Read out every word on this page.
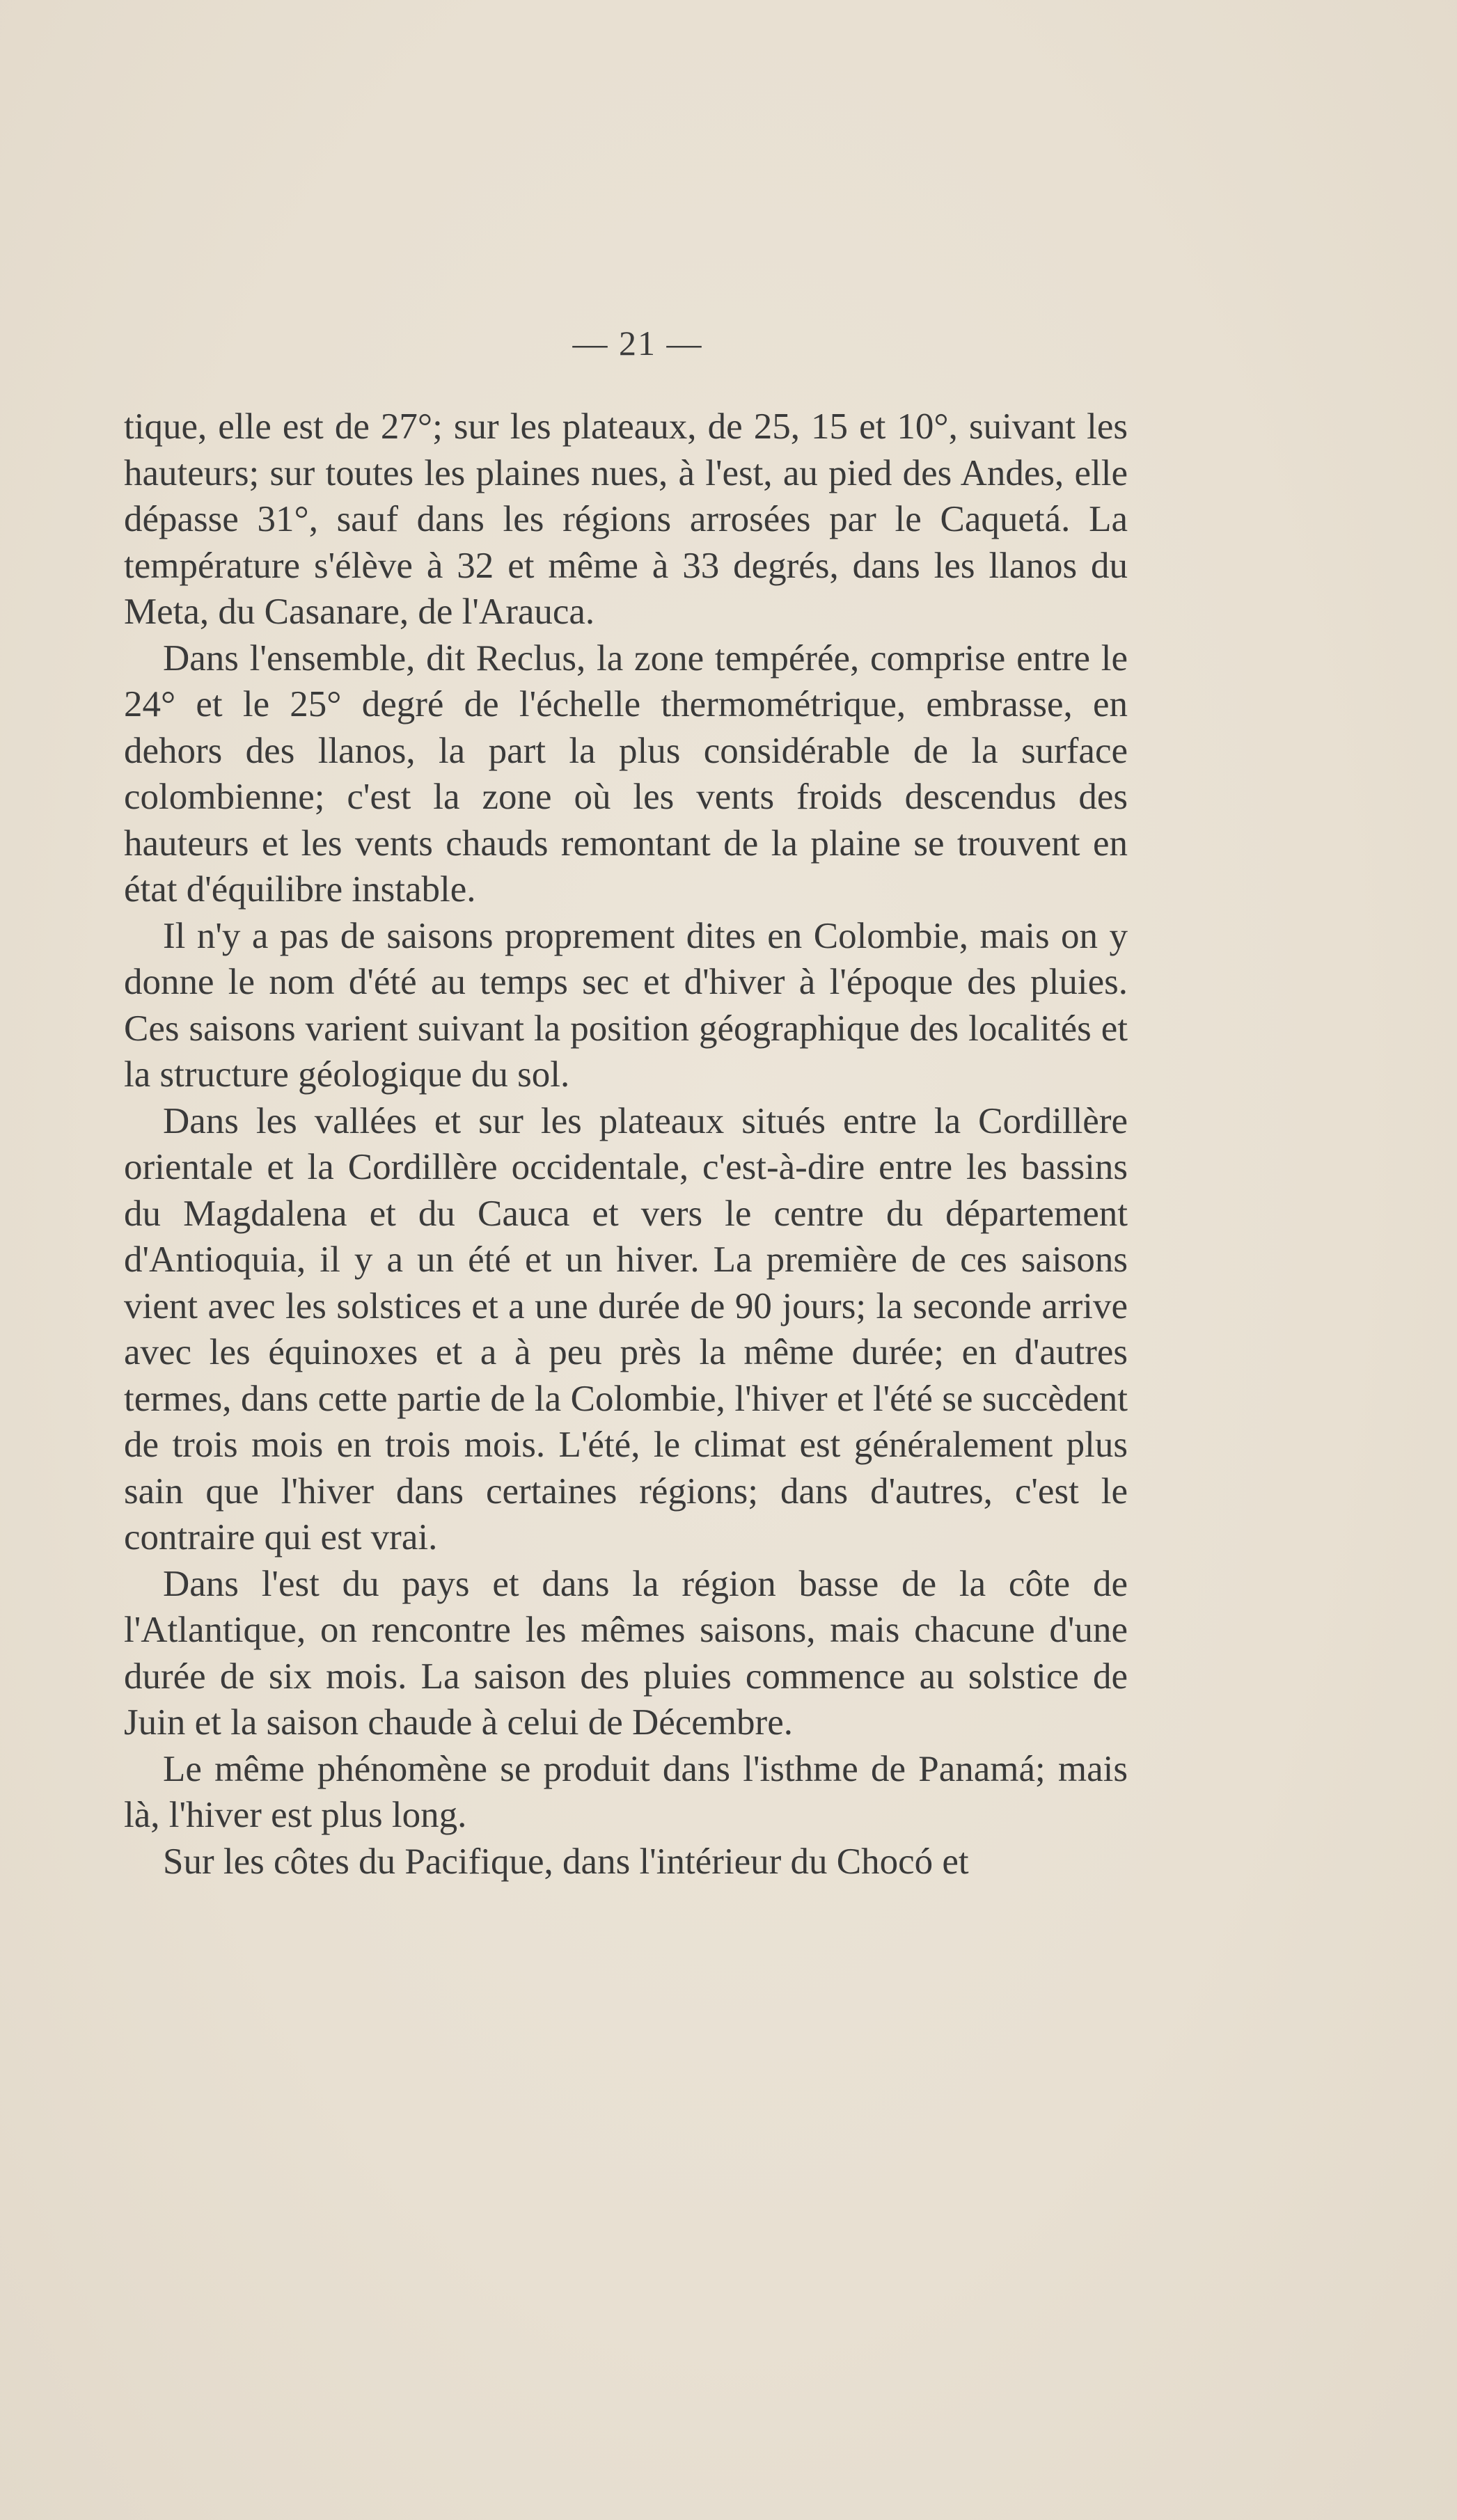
— 21 —

tique, elle est de 27°; sur les plateaux, de 25, 15 et 10°, suivant les hauteurs; sur toutes les plaines nues, à l'est, au pied des Andes, elle dépasse 31°, sauf dans les régions arrosées par le Caquetá. La température s'élève à 32 et même à 33 degrés, dans les llanos du Meta, du Casanare, de l'Arauca.

Dans l'ensemble, dit Reclus, la zone tempérée, comprise entre le 24° et le 25° degré de l'échelle thermométrique, embrasse, en dehors des llanos, la part la plus considérable de la surface colombienne; c'est la zone où les vents froids descendus des hauteurs et les vents chauds remontant de la plaine se trouvent en état d'équilibre instable.

Il n'y a pas de saisons proprement dites en Colombie, mais on y donne le nom d'été au temps sec et d'hiver à l'époque des pluies. Ces saisons varient suivant la position géographique des localités et la structure géologique du sol.

Dans les vallées et sur les plateaux situés entre la Cordillère orientale et la Cordillère occidentale, c'est-à-dire entre les bassins du Magdalena et du Cauca et vers le centre du département d'Antioquia, il y a un été et un hiver. La première de ces saisons vient avec les solstices et a une durée de 90 jours; la seconde arrive avec les équinoxes et a à peu près la même durée; en d'autres termes, dans cette partie de la Colombie, l'hiver et l'été se succèdent de trois mois en trois mois. L'été, le climat est généralement plus sain que l'hiver dans certaines régions; dans d'autres, c'est le contraire qui est vrai.

Dans l'est du pays et dans la région basse de la côte de l'Atlantique, on rencontre les mêmes saisons, mais chacune d'une durée de six mois. La saison des pluies commence au solstice de Juin et la saison chaude à celui de Décembre.

Le même phénomène se produit dans l'isthme de Panamá; mais là, l'hiver est plus long.

Sur les côtes du Pacifique, dans l'intérieur du Chocó et
